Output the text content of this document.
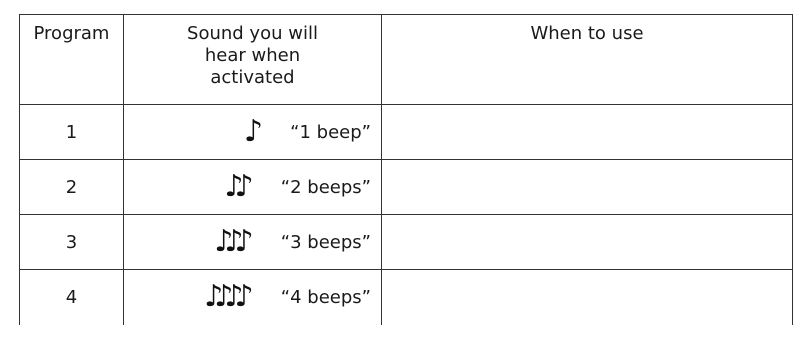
Program	Sound you will hear when activated	When to use
1	♪ “1 beep”	

2	♪♪ “2 beeps”	

3	♪♪♪ “3 beeps”	

4	♪♪♪♪ “4 beeps”	
